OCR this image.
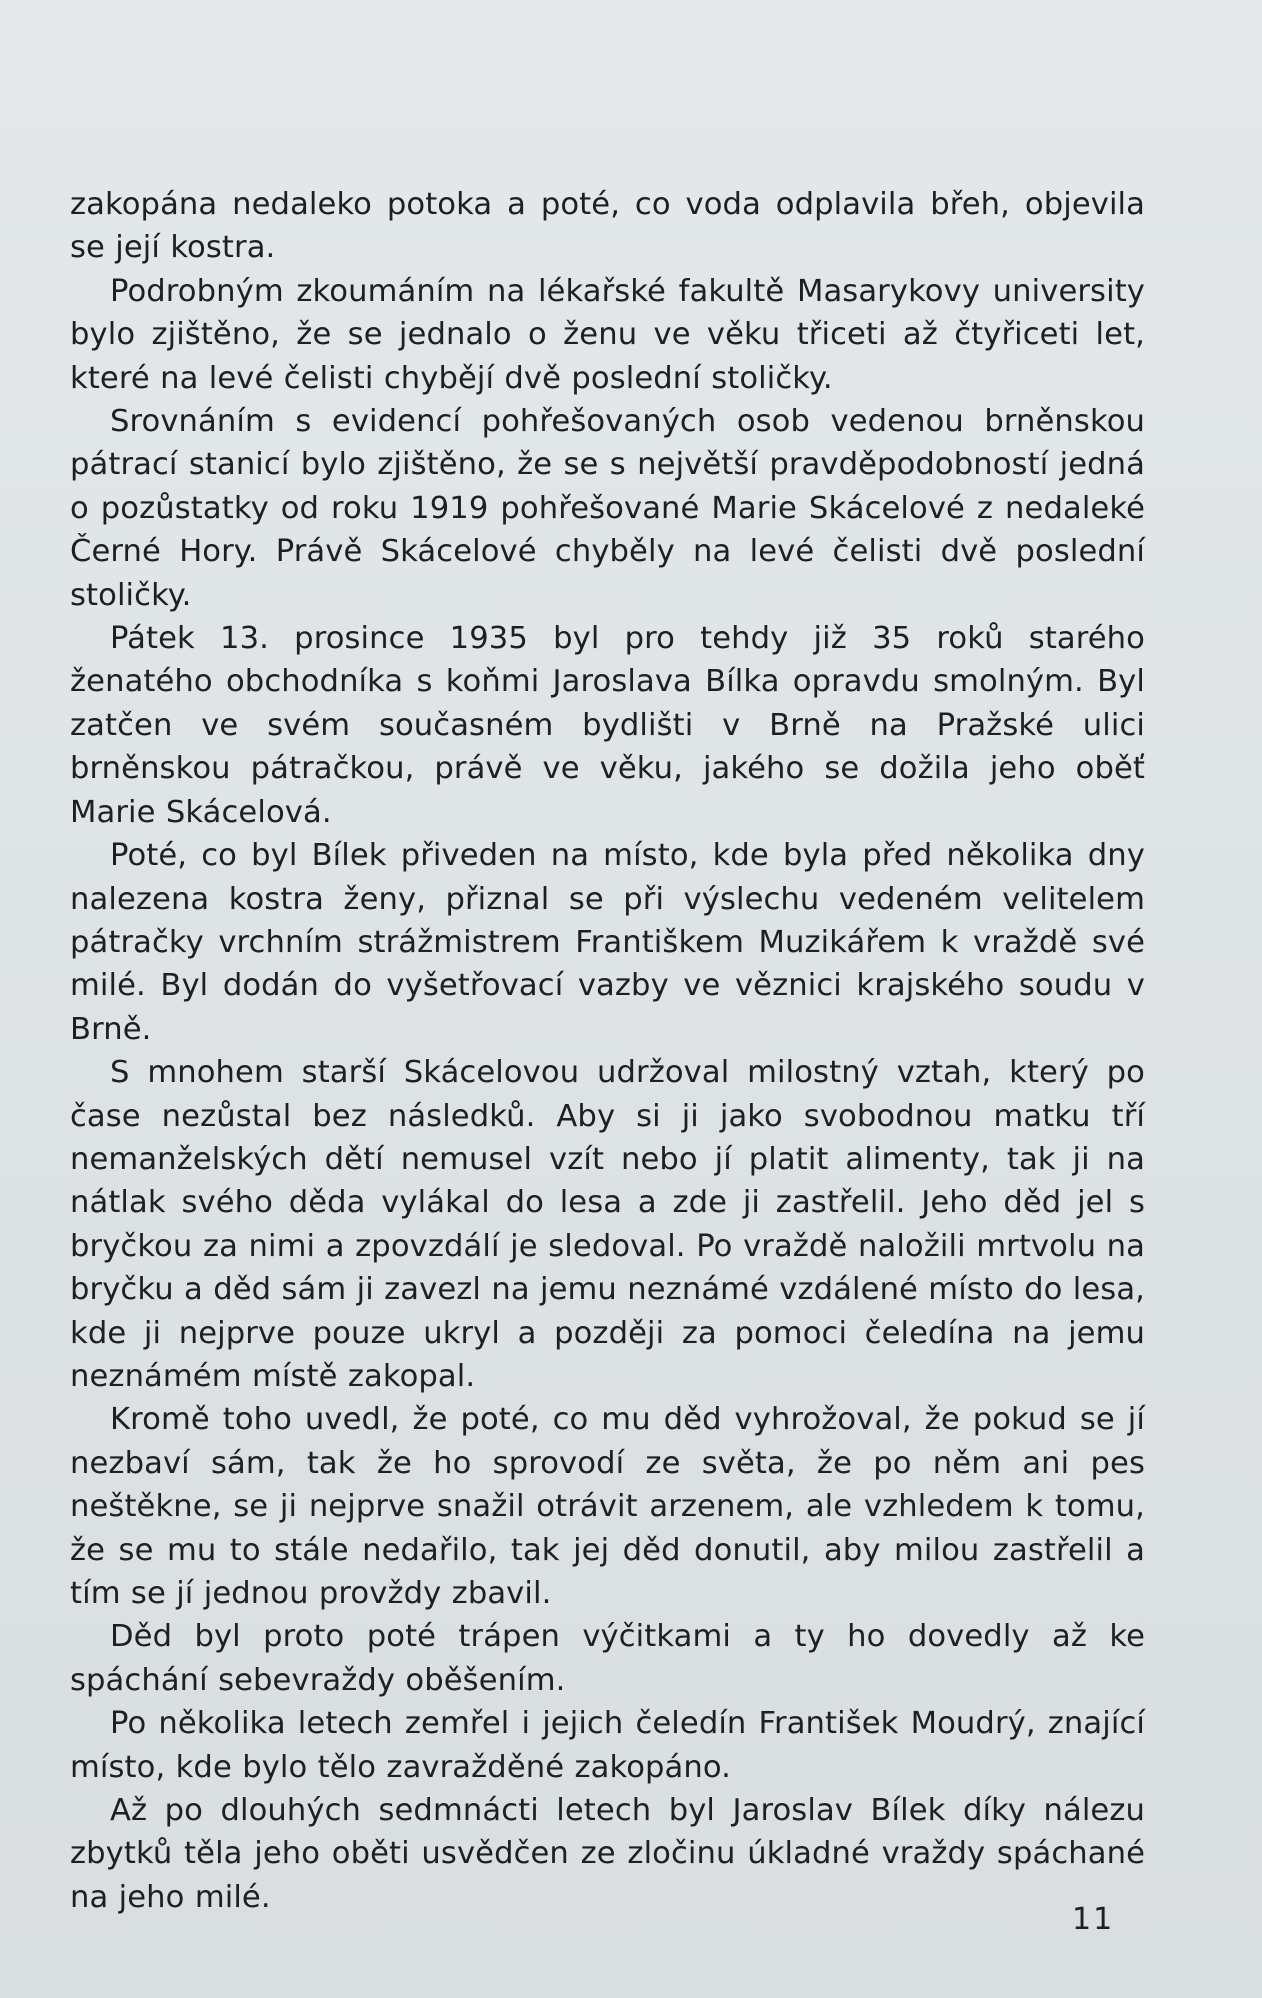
zakopána nedaleko potoka a poté, co voda odplavila břeh, objevila se její kostra.

Podrobným zkoumáním na lékařské fakultě Masarykovy university bylo zjištěno, že se jednalo o ženu ve věku třiceti až čtyřiceti let, které na levé čelisti chybějí dvě poslední stoličky.

Srovnáním s evidencí pohřešovaných osob vedenou brněnskou pátrací stanicí bylo zjištěno, že se s největší pravděpodobností jedná o pozůstatky od roku 1919 pohřešované Marie Skácelové z nedaleké Černé Hory. Právě Skácelové chyběly na levé čelisti dvě poslední stoličky.

Pátek 13. prosince 1935 byl pro tehdy již 35 roků starého ženatého obchodníka s koňmi Jaroslava Bílka opravdu smolným. Byl zatčen ve svém současném bydlišti v Brně na Pražské ulici brněnskou pátračkou, právě ve věku, jakého se dožila jeho oběť Marie Skácelová.

Poté, co byl Bílek přiveden na místo, kde byla před několika dny nalezena kostra ženy, přiznal se při výslechu vedeném velitelem pátračky vrchním strážmistrem Františkem Muzikářem k vraždě své milé. Byl dodán do vyšetřovací vazby ve věznici krajského soudu v Brně.

S mnohem starší Skácelovou udržoval milostný vztah, který po čase nezůstal bez následků. Aby si ji jako svobodnou matku tří nemanželských dětí nemusel vzít nebo jí platit alimenty, tak ji na nátlak svého děda vylákal do lesa a zde ji zastřelil. Jeho děd jel s bryčkou za nimi a zpovzdálí je sledoval. Po vraždě naložili mrtvolu na bryčku a děd sám ji zavezl na jemu neznámé vzdálené místo do lesa, kde ji nejprve pouze ukryl a později za pomoci čeledína na jemu neznámém místě zakopal.

Kromě toho uvedl, že poté, co mu děd vyhrožoval, že pokud se jí nezbaví sám, tak že ho sprovodí ze světa, že po něm ani pes neštěkne, se ji nejprve snažil otrávit arzenem, ale vzhledem k tomu, že se mu to stále nedařilo, tak jej děd donutil, aby milou zastřelil a tím se jí jednou provždy zbavil.

Děd byl proto poté trápen výčitkami a ty ho dovedly až ke spáchání sebevraždy oběšením.

Po několika letech zemřel i jejich čeledín František Moudrý, znající místo, kde bylo tělo zavražděné zakopáno.

Až po dlouhých sedmnácti letech byl Jaroslav Bílek díky nálezu zbytků těla jeho oběti usvědčen ze zločinu úkladné vraždy spáchané na jeho milé.

11
